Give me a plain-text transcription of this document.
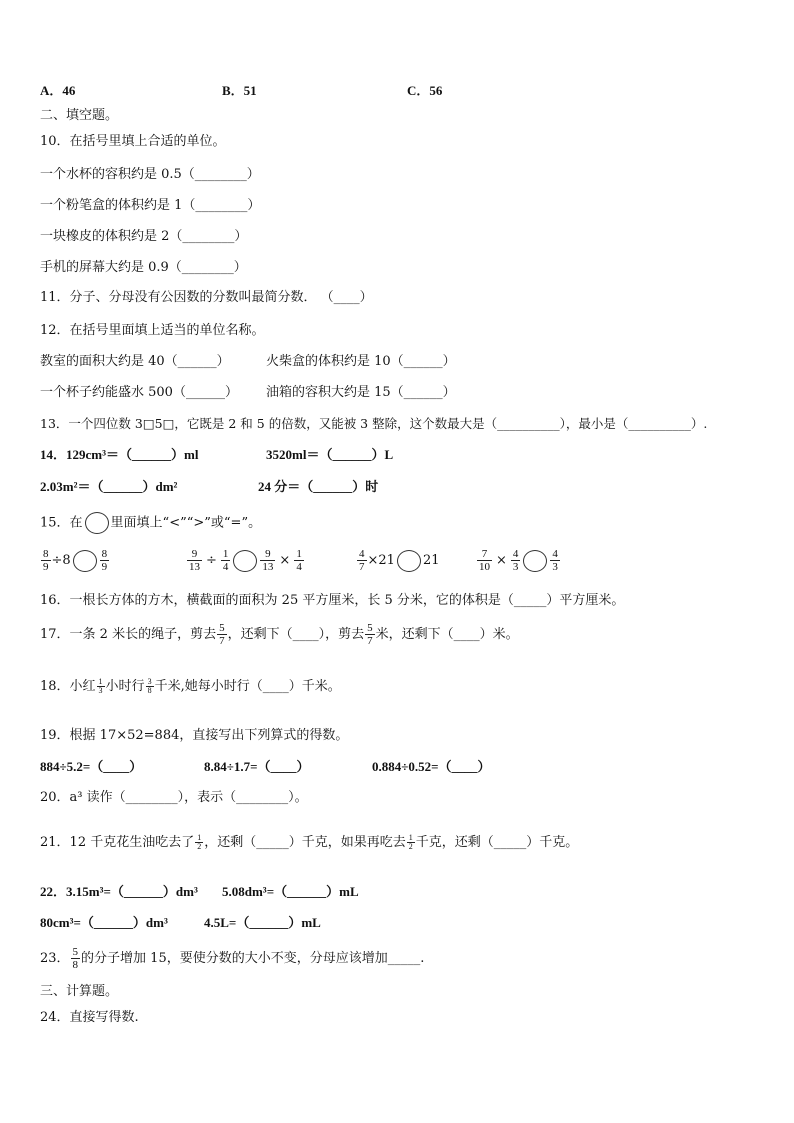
A．46	B．51	C．56
二、填空题。
10．在括号里填上合适的单位。
一个水杯的容积约是 0.5（________）
一个粉笔盒的体积约是 1（________）
一块橡皮的体积约是 2（________）
手机的屏幕大约是 0.9（________）
11．分子、分母没有公因数的分数叫最简分数． （____）
12．在括号里面填上适当的单位名称。
教室的面积大约是 40（______）	火柴盒的体积约是 10（______）
一个杯子约能盛水 500（______） 油箱的容积大约是 15（______）
13．一个四位数 3□5□，它既是 2 和 5 的倍数，又能被 3 整除，这个数最大是（__________），最小是（__________）.
14．129cm³＝（______）ml	3520ml＝（______）L
2.03m²＝（______）dm²	24 分＝（______）时
15．在 里面填上“<”“>”或“=”。
$\frac{8}{9} \div 8$	$\frac{8}{9}$	$\frac{9}{13} \div \frac{1}{4}$	$\frac{9}{13} \times \frac{1}{4}$	$\frac{4}{7} \times 21$ 21	$\frac{7}{10} \times \frac{4}{3}$	$\frac{4}{3}$
16．一根长方体的方木，横截面的面积为 25 平方厘米，长 5 分米，它的体积是（_____）平方厘米。
17．一条 2 米长的绳子，剪去 $\frac{5}{7}$ ，还剩下（____），剪去 $\frac{5}{7}$ 米，还剩下（____）米。
18．小红 $\frac{1}{3}$ 小时行 $\frac{3}{8}$ 千米,她每小时行（____）千米。
19．根据 17×52=884，直接写出下列算式的得数。
884÷5.2=（____）	8.84÷1.7=（____）	0.884÷0.52=（____）
20．a³ 读作（________），表示（________）。
21．12 千克花生油吃去了 $\frac{1}{2}$ ，还剩（_____）千克，如果再吃去 $\frac{1}{2}$ 千克，还剩（_____）千克。
22．3.15m³=（______）dm³ 5.08dm³=（______）mL
80cm³=（______）dm³	4.5L=（______）mL
23． $\frac{5}{8}$ 的分子增加 15，要使分数的大小不变，分母应该增加_____.
三、计算题。
24．直接写得数.
